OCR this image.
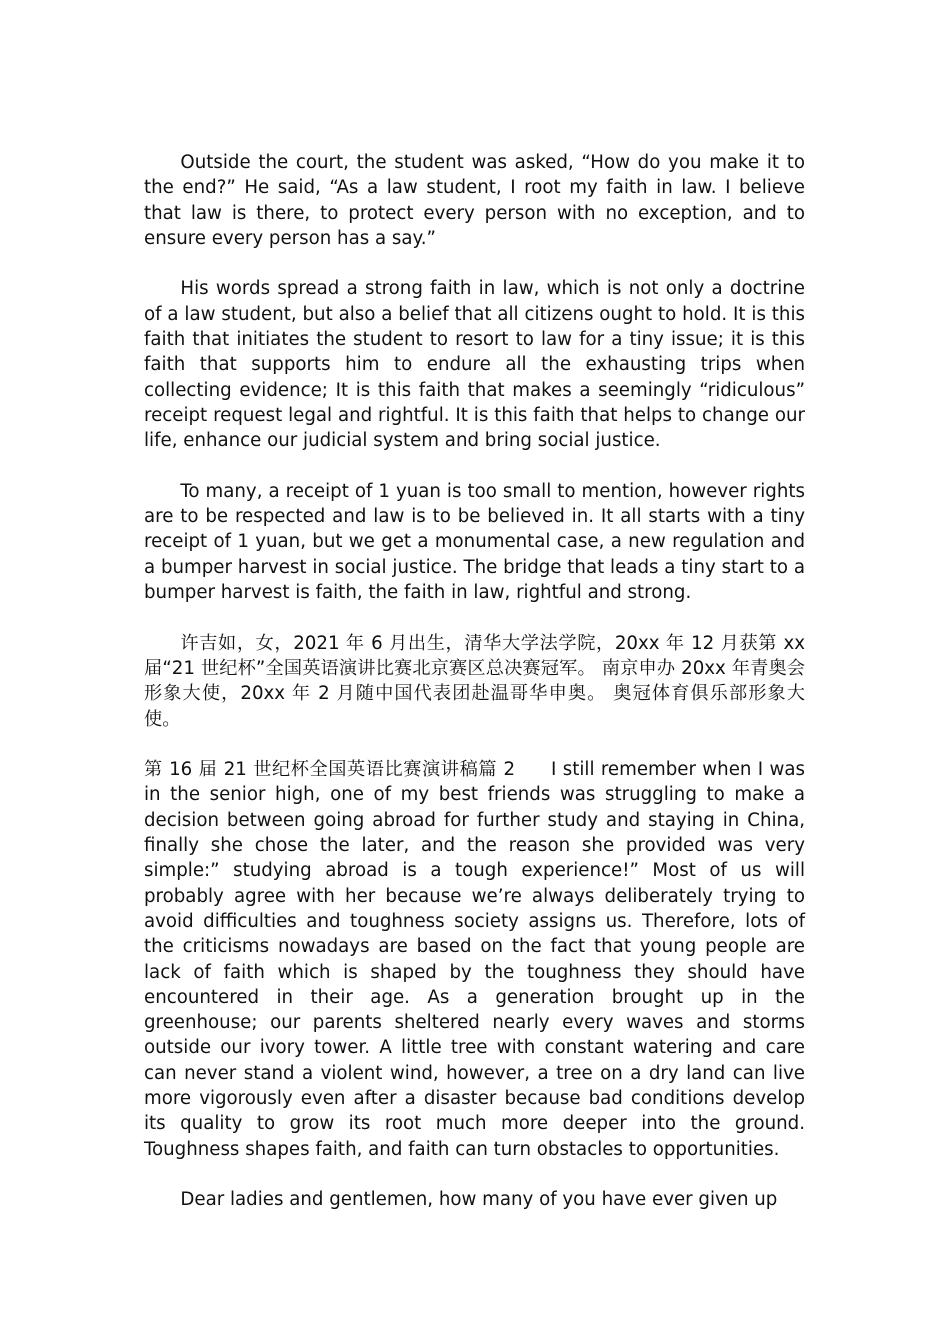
Outside the court, the student was asked, “How do you make it to the end?” He said, “As a law student, I root my faith in law. I believe that law is there, to protect every person with no exception, and to ensure every person has a say.”

His words spread a strong faith in law, which is not only a doctrine of a law student, but also a belief that all citizens ought to hold. It is this faith that initiates the student to resort to law for a tiny issue; it is this faith that supports him to endure all the exhausting trips when collecting evidence; It is this faith that makes a seemingly “ridiculous” receipt request legal and rightful. It is this faith that helps to change our life, enhance our judicial system and bring social justice.

To many, a receipt of 1 yuan is too small to mention, however rights are to be respected and law is to be believed in. It all starts with a tiny receipt of 1 yuan, but we get a monumental case, a new regulation and a bumper harvest in social justice. The bridge that leads a tiny start to a bumper harvest is faith, the faith in law, rightful and strong.

许吉如，女，2021 年 6 月出生，清华大学法学院，20xx 年 12 月获第 xx 届“21 世纪杯”全国英语演讲比赛北京赛区总决赛冠军。 南京申办 20xx 年青奥会形象大使，20xx 年 2 月随中国代表团赴温哥华申奥。 奥冠体育俱乐部形象大使。

第 16 届 21 世纪杯全国英语比赛演讲稿篇 2 I still remember when I was in the senior high, one of my best friends was struggling to make a decision between going abroad for further study and staying in China, finally she chose the later, and the reason she provided was very simple:” studying abroad is a tough experience!” Most of us will probably agree with her because we’re always deliberately trying to avoid difficulties and toughness society assigns us. Therefore, lots of the criticisms nowadays are based on the fact that young people are lack of faith which is shaped by the toughness they should have encountered in their age. As a generation brought up in the greenhouse; our parents sheltered nearly every waves and storms outside our ivory tower. A little tree with constant watering and care can never stand a violent wind, however, a tree on a dry land can live more vigorously even after a disaster because bad conditions develop its quality to grow its root much more deeper into the ground. Toughness shapes faith, and faith can turn obstacles to opportunities.

Dear ladies and gentlemen, how many of you have ever given up
